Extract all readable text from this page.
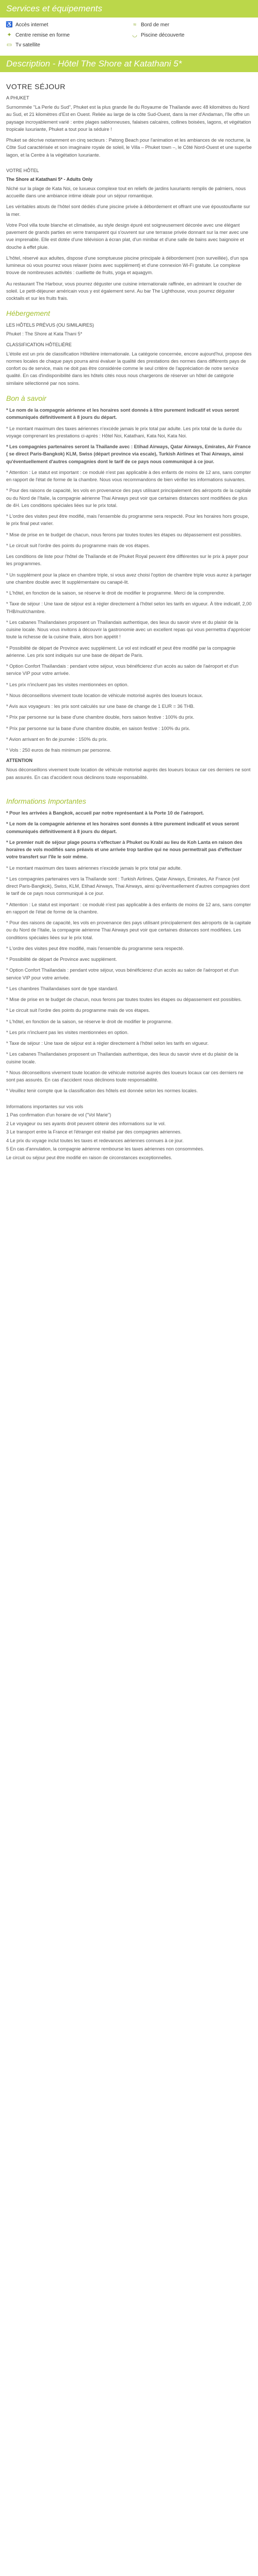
Services et équipements
♿ Accès internet	≈ Bord de mer
✦ Centre remise en forme	◡ Piscine découverte
▭ Tv satellite
Description - Hôtel The Shore at Katathani 5*
VOTRE SÉJOUR

A PHUKET

Surnommée "La Perle du Sud", Phuket est la plus grande île du Royaume de Thaïlande avec 48 kilomètres du Nord au Sud, et 21 kilomètres d'Est en Ouest. Reliée au large de la côte Sud-Ouest, dans la mer d'Andaman, l'île offre un paysage incroyablement varié : entre plages sablonneuses, falaises calcaires, collines boisées, lagons, et végétation tropicale luxuriante, Phuket a tout pour la séduire !

Phuket se décrive notamment en cinq secteurs : Patong Beach pour l'animation et les ambiances de vie nocturne, la Côte Sud caractérisée et son imaginaire royale de soleil, le Villa – Phuket town –, le Côté Nord-Ouest et une superbe lagon, et la Centre à la végétation luxuriante.

VOTRE HÔTEL

The Shore at Katathani 5* - Adults Only

Niché sur la plage de Kata Noi, ce luxueux complexe tout en reliefs de jardins luxuriants remplis de palmiers, nous accueille dans une ambiance intime idéale pour un séjour romantique.

Les véritables atouts de l'hôtel sont dédiés d'une piscine privée à débordement et offrant une vue époustouflante sur la mer.

Votre Pool villa toute blanche et climatisée, au style design épuré est soigneusement décorée avec une élégant pavement de grands parties en verre transparent qui s'ouvrent sur une terrasse privée donnant sur la mer avec une vue imprenable. Elle est dotée d'une télévision à écran plat, d'un minibar et d'une salle de bains avec baignoire et douche à effet pluie.

L'hôtel, réservé aux adultes, dispose d'une somptueuse piscine principale à débordement (non surveillée), d'un spa lumineux où vous pourrez vous relaxer (soins avec supplément) et d'une connexion Wi-Fi gratuite. Le complexe trouve de nombreuses activités : cuelliette de fruits, yoga et aquagym.

Au restaurant The Harbour, vous pourrez déguster une cuisine internationale raffinée, en admirant le coucher de soleil. Le petit-déjeuner américain vous y est également servi. Au bar The Lighthouse, vous pourrez déguster cocktails et sur les fruits frais.

Hébergement

LES HÔTELS PRÉVUS (OU SIMILAIRES)

Phuket : The Shore at Kata Thani 5*

CLASSIFICATION HÔTELIÈRE

L'étoile est un prix de classification Hôtelière internationale. La catégorie concernée, encore aujourd'hui, propose des normes locales de chaque pays pourra ainsi évaluer la qualité des prestations des normes dans différents pays de confort ou de service, mais ne doit pas être considérée comme le seul critère de l'appréciation de notre service qualité. En cas d'indisponibilité dans les hôtels cités nous nous chargerons de réserver un hôtel de catégorie similaire sélectionné par nos soins.

Bon à savoir

* Le nom de la compagnie aérienne et les horaires sont donnés à titre purement indicatif et vous seront communiqués définitivement à 8 jours du départ.

* Le montant maximum des taxes aériennes n'excède jamais le prix total par adulte. Les prix total de la durée du voyage comprenant les prestations ci-après : Hôtel Noi, Katathani, Kata Noi, Kata Noi.

* Les compagnies partenaires seront la Thaïlande avec : Etihad Airways, Qatar Airways, Emirates, Air France ( se direct Paris-Bangkok) KLM, Swiss (départ province via escale), Turkish Airlines et Thai Airways, ainsi qu'éventuellement d'autres compagnies dont le tarif de ce pays nous communiqué à ce jour.

* Attention : Le statut est important : ce modulé n'est pas applicable à des enfants de moins de 12 ans, sans compter en rapport de l'état de forme de la chambre. Nous vous recommandons de bien vérifier les informations suivantes.

* Pour des raisons de capacité, les vols en provenance des pays utilisant principalement des aéroports de la capitale ou du Nord de l'Italie, la compagnie aérienne Thai Airways peut voir que certaines distances sont modifiées de plus de 4H. Les conditions spéciales liées sur le prix total.

* L'ordre des visites peut être modifié, mais l'ensemble du programme sera respecté. Pour les horaires hors groupe, le prix final peut varier.

* Mise de prise en te budget de chacun, nous ferons par toutes toutes les étapes ou dépassement est possibles.

* Le circuit suit l'ordre des points du programme mais de vos étapes.

Les conditions de liste pour l'hôtel de Thaïlande et de Phuket Royal peuvent être différentes sur le prix à payer pour les programmes.

* Un supplément pour la place en chambre triple, si vous avez choisi l'option de chambre triple vous aurez à partager une chambre double avec lit supplémentaire ou canapé-lit.

* L'hôtel, en fonction de la saison, se réserve le droit de modifier le programme. Merci de la comprendre.

* Taxe de séjour : Une taxe de séjour est à régler directement à l'hôtel selon les tarifs en vigueur. À titre indicatif, 2,00 THB/nuit/chambre.

* Les cabanes Thaïlandaises proposent un Thaïlandais authentique, des lieux du savoir vivre et du plaisir de la cuisine locale. Nous vous invitons à découvrir la gastronomie avec un excellent repas qui vous permettra d'apprécier toute la richesse de la cuisine thaïe, alors bon appétit !

* Possibilité de départ de Province avec supplément. Le vol est indicatif et peut être modifié par la compagnie aérienne. Les prix sont indiqués sur une base de départ de Paris.

* Option Confort Thaïlandais : pendant votre séjour, vous bénéficierez d'un accès au salon de l'aéroport et d'un service VIP pour votre arrivée.

* Les prix n'incluent pas les visites mentionnées en option.

* Nous déconseillons vivement toute location de véhicule motorisé auprès des loueurs locaux.

* Avis aux voyageurs : les prix sont calculés sur une base de change de 1 EUR = 36 THB.

* Prix par personne sur la base d'une chambre double, hors saison festive : 100% du prix.

* Prix par personne sur la base d'une chambre double, en saison festive : 100% du prix.

* Avion arrivant en fin de journée : 150% du prix.

* Vols : 250 euros de frais minimum par personne.

ATTENTION

Nous déconseillons vivement toute location de véhicule motorisé auprès des loueurs locaux car ces derniers ne sont pas assurés. En cas d'accident nous déclinons toute responsabilité.

Informations Importantes

* Pour les arrivées à Bangkok, accueil par notre représentant à la Porte 10 de l'aéroport.

* Le nom de la compagnie aérienne et les horaires sont donnés à titre purement indicatif et vous seront communiqués définitivement à 8 jours du départ.

* Le premier nuit de séjour plage pourra s'effectuer à Phuket ou Krabi au lieu de Koh Lanta en raison des horaires de vols modifiés sans préavis et une arrivée trop tardive qui ne nous permettrait pas d'effectuer votre transfert sur l'île le soir même.

* Le montant maximum des taxes aériennes n'excède jamais le prix total par adulte.

* Les compagnies partenaires vers la Thaïlande sont : Turkish Airlines, Qatar Airways, Emirates, Air France (vol direct Paris-Bangkok), Swiss, KLM, Etihad Airways, Thai Airways, ainsi qu'éventuellement d'autres compagnies dont le tarif de ce pays nous communiqué à ce jour.

* Attention : Le statut est important : ce modulé n'est pas applicable à des enfants de moins de 12 ans, sans compter en rapport de l'état de forme de la chambre.

* Pour des raisons de capacité, les vols en provenance des pays utilisant principalement des aéroports de la capitale ou du Nord de l'Italie, la compagnie aérienne Thai Airways peut voir que certaines distances sont modifiées. Les conditions spéciales liées sur le prix total.

* L'ordre des visites peut être modifié, mais l'ensemble du programme sera respecté.

* Possibilité de départ de Province avec supplément.

* Option Confort Thaïlandais : pendant votre séjour, vous bénéficierez d'un accès au salon de l'aéroport et d'un service VIP pour votre arrivée.

* Les chambres Thaïlandaises sont de type standard.

* Mise de prise en te budget de chacun, nous ferons par toutes toutes les étapes ou dépassement est possibles.

* Le circuit suit l'ordre des points du programme mais de vos étapes.

* L'hôtel, en fonction de la saison, se réserve le droit de modifier le programme.

* Les prix n'incluent pas les visites mentionnées en option.

* Taxe de séjour : Une taxe de séjour est à régler directement à l'hôtel selon les tarifs en vigueur.

* Les cabanes Thaïlandaises proposent un Thaïlandais authentique, des lieux du savoir vivre et du plaisir de la cuisine locale.

* Nous déconseillons vivement toute location de véhicule motorisé auprès des loueurs locaux car ces derniers ne sont pas assurés. En cas d'accident nous déclinons toute responsabilité.

* Veuillez tenir compte que la classification des hôtels est donnée selon les normes locales.

Informations importantes sur vos vols

1 Pas confirmation d'un horaire de vol ("Vol Marie")

2 Le voyageur ou ses ayants droit peuvent obtenir des informations sur le vol.

3 Le transport entre la France et l'étranger est réalisé par des compagnies aériennes.

4 Le prix du voyage inclut toutes les taxes et redevances aériennes connues à ce jour.

5 En cas d'annulation, la compagnie aérienne rembourse les taxes aériennes non consommées.

Le circuit ou séjour peut être modifié en raison de circonstances exceptionnelles.
